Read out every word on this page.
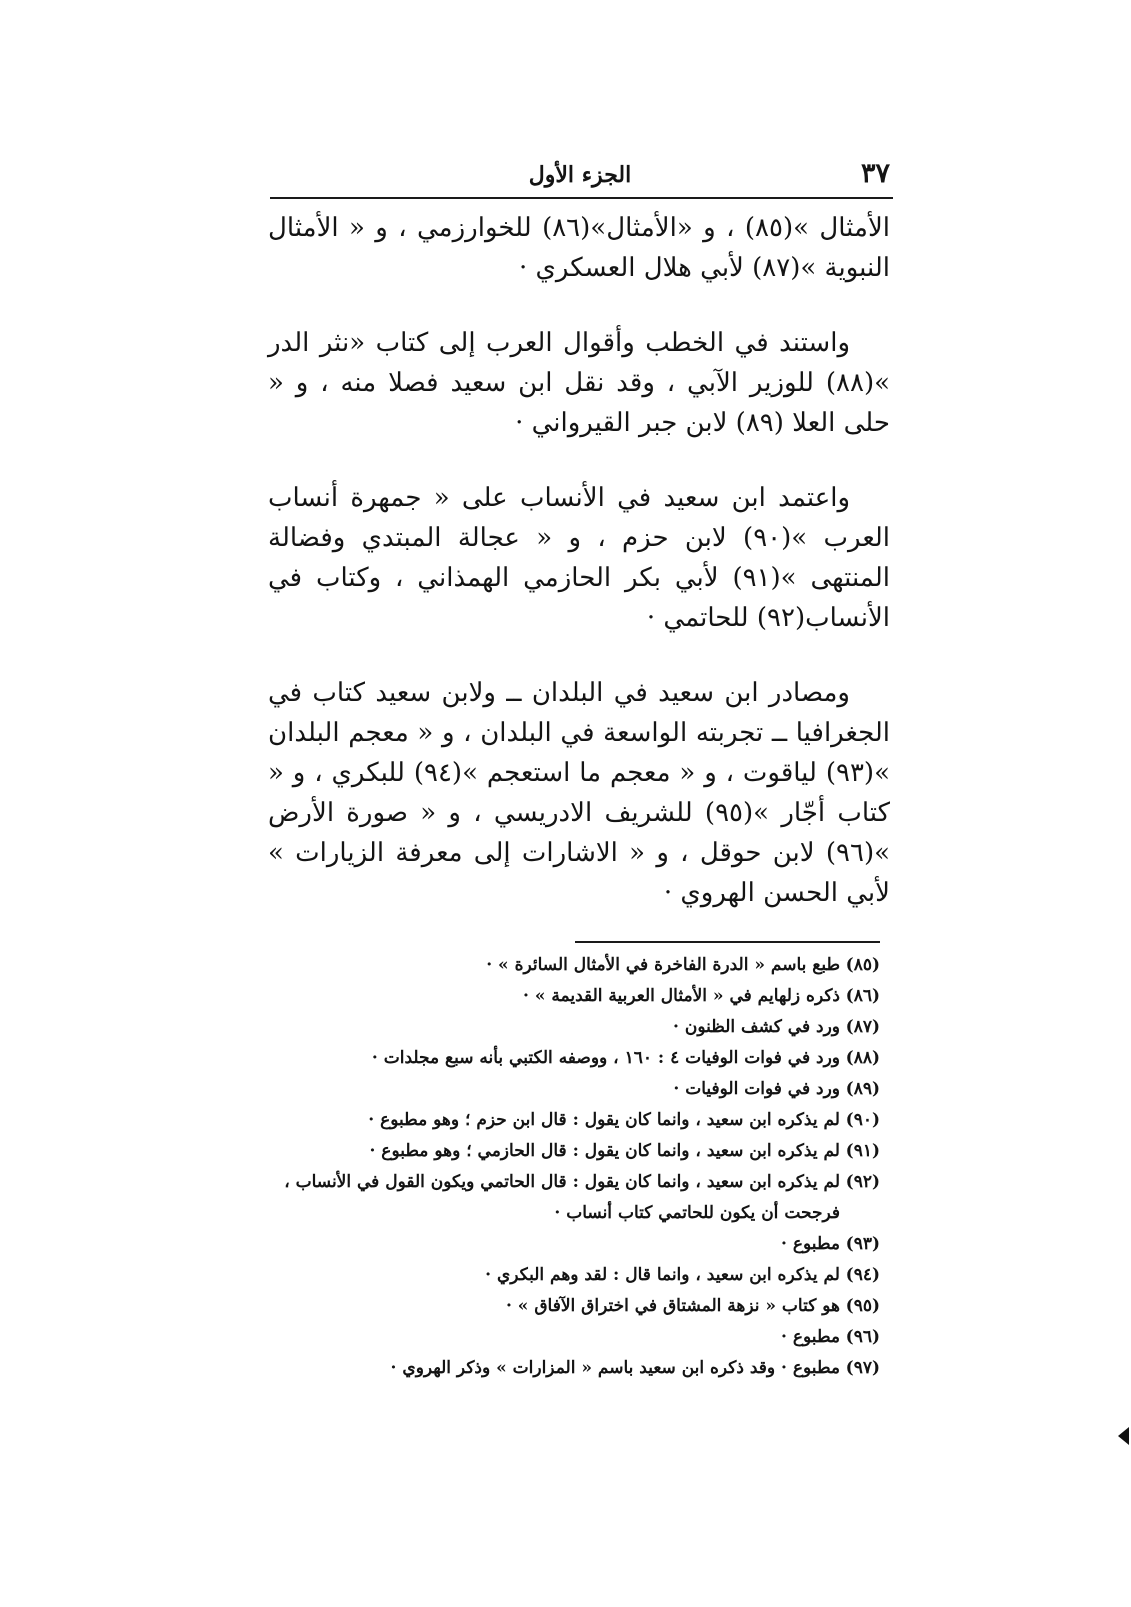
٣٧
الجزء الأول

الأمثال »(٨٥) ، و «الأمثال»(٨٦) للخوارزمي ، و « الأمثال النبوية »(٨٧) لأبي هلال العسكري ·

واستند في الخطب وأقوال العرب إلى كتاب «نثر الدر »(٨٨) للوزير الآبي ، وقد نقل ابن سعيد فصلا منه ، و « حلى العلا (٨٩) لابن جبر القيرواني ·

واعتمد ابن سعيد في الأنساب على « جمهرة أنساب العرب »(٩٠) لابن حزم ، و « عجالة المبتدي وفضالة المنتهى »(٩١) لأبي بكر الحازمي الهمذاني ، وكتاب في الأنساب(٩٢) للحاتمي ·

ومصادر ابن سعيد في البلدان ــ ولابن سعيد كتاب في الجغرافيا ــ تجربته الواسعة في البلدان ، و « معجم البلدان »(٩٣) لياقوت ، و « معجم ما استعجم »(٩٤) للبكري ، و « كتاب أجّار »(٩٥) للشريف الادريسي ، و « صورة الأرض »(٩٦) لابن حوقل ، و « الاشارات إلى معرفة الزيارات » لأبي الحسن الهروي ·

(٨٥)طبع باسم « الدرة الفاخرة في الأمثال السائرة » ·
(٨٦)ذكره زلهايم في « الأمثال العربية القديمة » ·
(٨٧)ورد في كشف الظنون ·
(٨٨)ورد في فوات الوفيات ٤ : ١٦٠ ، ووصفه الكتبي بأنه سبع مجلدات ·
(٨٩)ورد في فوات الوفيات ·
(٩٠)لم يذكره ابن سعيد ، وانما كان يقول : قال ابن حزم ؛ وهو مطبوع ·
(٩١)لم يذكره ابن سعيد ، وانما كان يقول : قال الحازمي ؛ وهو مطبوع ·
(٩٢)لم يذكره ابن سعيد ، وانما كان يقول : قال الحاتمي ويكون القول في الأنساب ، فرجحت أن يكون للحاتمي كتاب أنساب ·
(٩٣)مطبوع ·
(٩٤)لم يذكره ابن سعيد ، وانما قال : لقد وهم البكري ·
(٩٥)هو كتاب « نزهة المشتاق في اختراق الآفاق » ·
(٩٦)مطبوع ·
(٩٧)مطبوع · وقد ذكره ابن سعيد باسم « المزارات » وذكر الهروي ·
